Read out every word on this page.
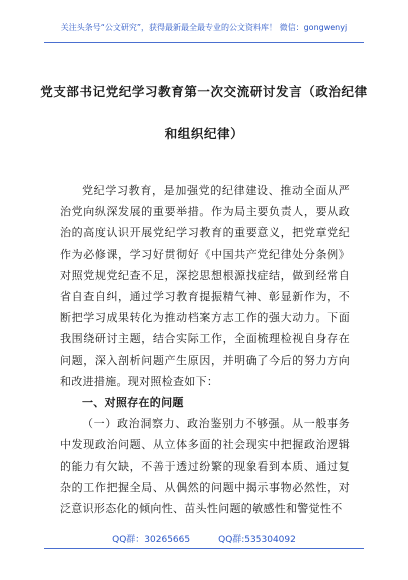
关注头条号“公文研究”，获得最新最全最专业的公文资料库！ 微信：gongwenyj
党支部书记党纪学习教育第一次交流研讨发言（政治纪律
和组织纪律）

党纪学习教育，是加强党的纪律建设、推动全面从严治党向纵深发展的重要举措。作为局主要负责人，要从政治的高度认识开展党纪学习教育的重要意义，把党章党纪作为必修课，学习好贯彻好《中国共产党纪律处分条例》对照党规党纪查不足，深挖思想根源找症结，做到经常自省自查自纠，通过学习教育提振精气神、彰显新作为，不断把学习成果转化为推动档案方志工作的强大动力。下面我围绕研讨主题，结合实际工作，全面梳理检视自身存在问题，深入剖析问题产生原因，并明确了今后的努力方向和改进措施。现对照检查如下：

一、对照存在的问题

（一）政治洞察力、政治鉴别力不够强。从一般事务中发现政治问题、从立体多面的社会现实中把握政治逻辑的能力有欠缺，不善于透过纷繁的现象看到本质、通过复杂的工作把握全局、从偶然的问题中揭示事物必然性，对泛意识形态化的倾向性、苗头性问题的敏感性和警觉性不

QQ群：30265665	QQ群:535304092
